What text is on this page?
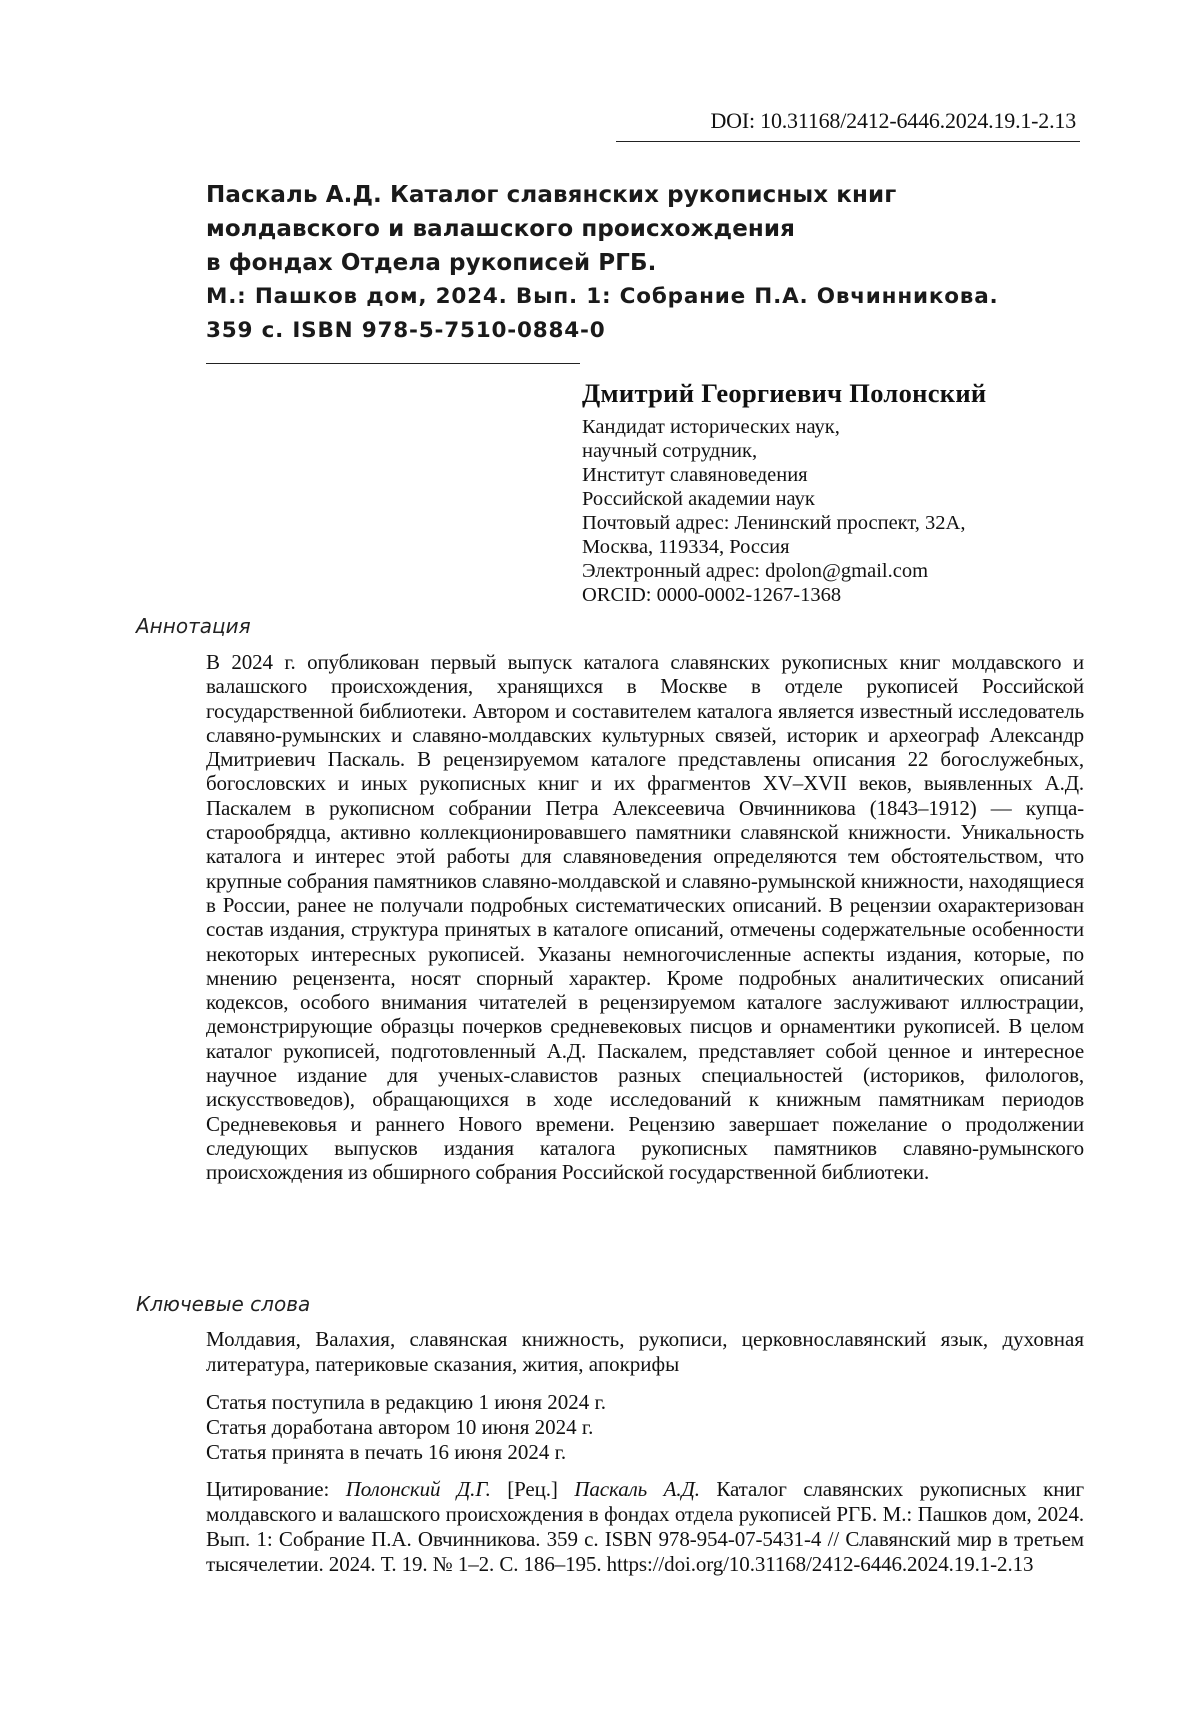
DOI: 10.31168/2412-6446.2024.19.1-2.13
Паскаль А.Д. Каталог славянских рукописных книг
молдавского и валашского происхождения
в фондах Отдела рукописей РГБ.
М.: Пашков дом, 2024. Вып. 1: Собрание П.А. Овчинникова.
359 с. ISBN 978-5-7510-0884-0
Дмитрий Георгиевич Полонский
Кандидат исторических наук,
научный сотрудник,
Институт славяноведения
Российской академии наук
Почтовый адрес: Ленинский проспект, 32А,
Москва, 119334, Россия
Электронный адрес: dpolon@gmail.com
ORCID: 0000-0002-1267-1368
Аннотация
В 2024 г. опубликован первый выпуск каталога славянских рукописных книг молдавского и валашского происхождения, хранящихся в Москве в отделе рукописей Российской государственной библиотеки. Автором и составителем каталога является известный исследователь славяно-румынских и славяно-молдавских культурных связей, историк и археограф Александр Дмитриевич Паскаль. В рецензируемом каталоге представлены описания 22 богослужебных, богословских и иных рукописных книг и их фрагментов XV–XVII веков, выявленных А.Д. Паскалем в рукописном собрании Петра Алексеевича Овчинникова (1843–1912) — купца-старообрядца, активно коллекционировавшего памятники славянской книжности. Уникальность каталога и интерес этой работы для славяноведения определяются тем обстоятельством, что крупные собрания памятников славяно-молдавской и славяно-румынской книжности, находящиеся в России, ранее не получали подробных систематических описаний. В рецензии охарактеризован состав издания, структура принятых в каталоге описаний, отмечены содержательные особенности некоторых интересных рукописей. Указаны немногочисленные аспекты издания, которые, по мнению рецензента, носят спорный характер. Кроме подробных аналитических описаний кодексов, особого внимания читателей в рецензируемом каталоге заслуживают иллюстрации, демонстрирующие образцы почерков средневековых писцов и орнаментики рукописей. В целом каталог рукописей, подготовленный А.Д. Паскалем, представляет собой ценное и интересное научное издание для ученых-славистов разных специальностей (историков, филологов, искусствоведов), обращающихся в ходе исследований к книжным памятникам периодов Средневековья и раннего Нового времени. Рецензию завершает пожелание о продолжении следующих выпусков издания каталога рукописных памятников славяно-румынского происхождения из обширного собрания Российской государственной библиотеки.
Ключевые слова
Молдавия, Валахия, славянская книжность, рукописи, церковнославянский язык, духовная литература, патериковые сказания, жития, апокрифы
Статья поступила в редакцию 1 июня 2024 г.
Статья доработана автором 10 июня 2024 г.
Статья принята в печать 16 июня 2024 г.
Цитирование: Полонский Д.Г. [Рец.] Паскаль А.Д. Каталог славянских рукописных книг молдавского и валашского происхождения в фондах отдела рукописей РГБ. М.: Пашков дом, 2024. Вып. 1: Собрание П.А. Овчинникова. 359 с. ISBN 978-954-07-5431-4 // Славянский мир в третьем тысячелетии. 2024. Т. 19. № 1–2. С. 186–195. https://doi.org/10.31168/2412-6446.2024.19.1-2.13
